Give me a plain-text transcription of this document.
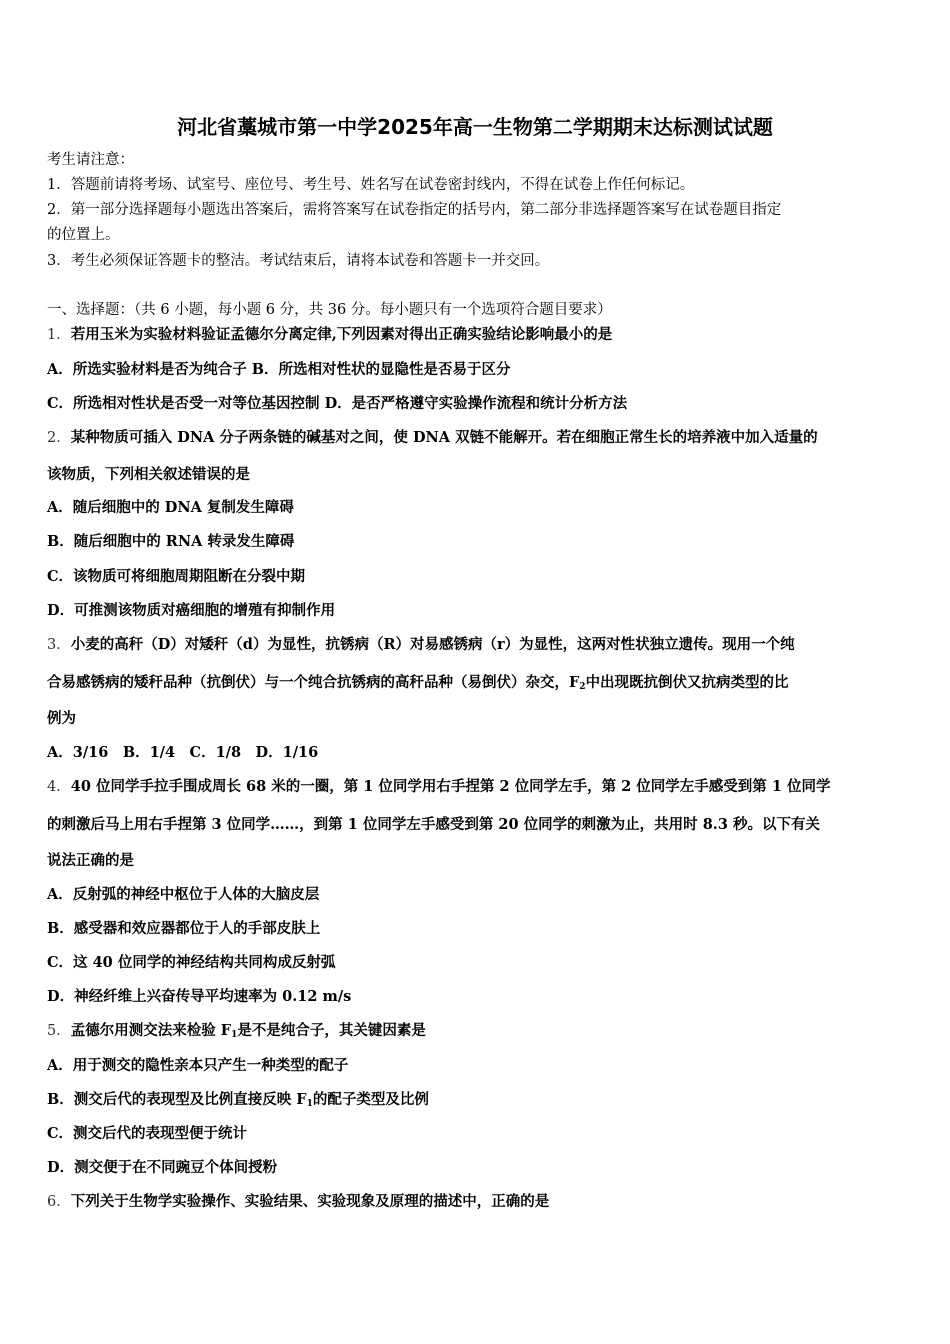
河北省藁城市第一中学2025年高一生物第二学期期末达标测试试题
考生请注意：
1．答题前请将考场、试室号、座位号、考生号、姓名写在试卷密封线内，不得在试卷上作任何标记。
2．第一部分选择题每小题选出答案后，需将答案写在试卷指定的括号内，第二部分非选择题答案写在试卷题目指定
的位置上。
3．考生必须保证答题卡的整洁。考试结束后，请将本试卷和答题卡一并交回。
一、选择题：（共 6 小题，每小题 6 分，共 36 分。每小题只有一个选项符合题目要求）
1．若用玉米为实验材料验证孟德尔分离定律,下列因素对得出正确实验结论影响最小的是
A．所选实验材料是否为纯合子 B．所选相对性状的显隐性是否易于区分
C．所选相对性状是否受一对等位基因控制 D．是否严格遵守实验操作流程和统计分析方法
2．某种物质可插入 DNA 分子两条链的碱基对之间，使 DNA 双链不能解开。若在细胞正常生长的培养液中加入适量的
该物质，下列相关叙述错误的是
A．随后细胞中的 DNA 复制发生障碍
B．随后细胞中的 RNA 转录发生障碍
C．该物质可将细胞周期阻断在分裂中期
D．可推测该物质对癌细胞的增殖有抑制作用
3．小麦的高秆（D）对矮秆（d）为显性，抗锈病（R）对易感锈病（r）为显性，这两对性状独立遗传。现用一个纯
合易感锈病的矮秆品种（抗倒伏）与一个纯合抗锈病的高秆品种（易倒伏）杂交，$F_2$中出现既抗倒伏又抗病类型的比
例为
A．3/16　B．1/4　C．1/8　D．1/16
4．40 位同学手拉手围成周长 68 米的一圈，第 1 位同学用右手捏第 2 位同学左手，第 2 位同学左手感受到第 1 位同学
的刺激后马上用右手捏第 3 位同学……，到第 1 位同学左手感受到第 20 位同学的刺激为止，共用时 8.3 秒。以下有关
说法正确的是
A．反射弧的神经中枢位于人体的大脑皮层
B．感受器和效应器都位于人的手部皮肤上
C．这 40 位同学的神经结构共同构成反射弧
D．神经纤维上兴奋传导平均速率为 0.12 m/s
5．孟德尔用测交法来检验 $F_1$是不是纯合子，其关键因素是
A．用于测交的隐性亲本只产生一种类型的配子
B．测交后代的表现型及比例直接反映 $F_1$的配子类型及比例
C．测交后代的表现型便于统计
D．测交便于在不同豌豆个体间授粉
6．下列关于生物学实验操作、实验结果、实验现象及原理的描述中，正确的是
